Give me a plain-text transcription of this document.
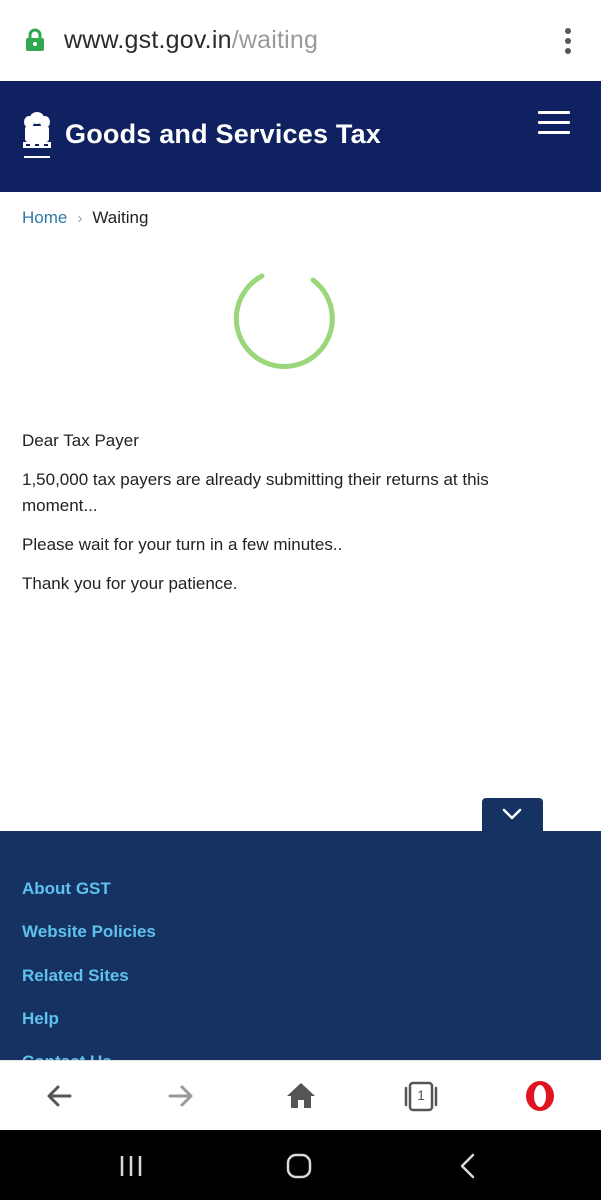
www.gst.gov.in/waiting
Goods and Services Tax
Home › Waiting

Dear Tax Payer

1,50,000 tax payers are already submitting their returns at this moment...

Please wait for your turn in a few minutes..

Thank you for your patience.

About GST
Website Policies
Related Sites
Help
1
